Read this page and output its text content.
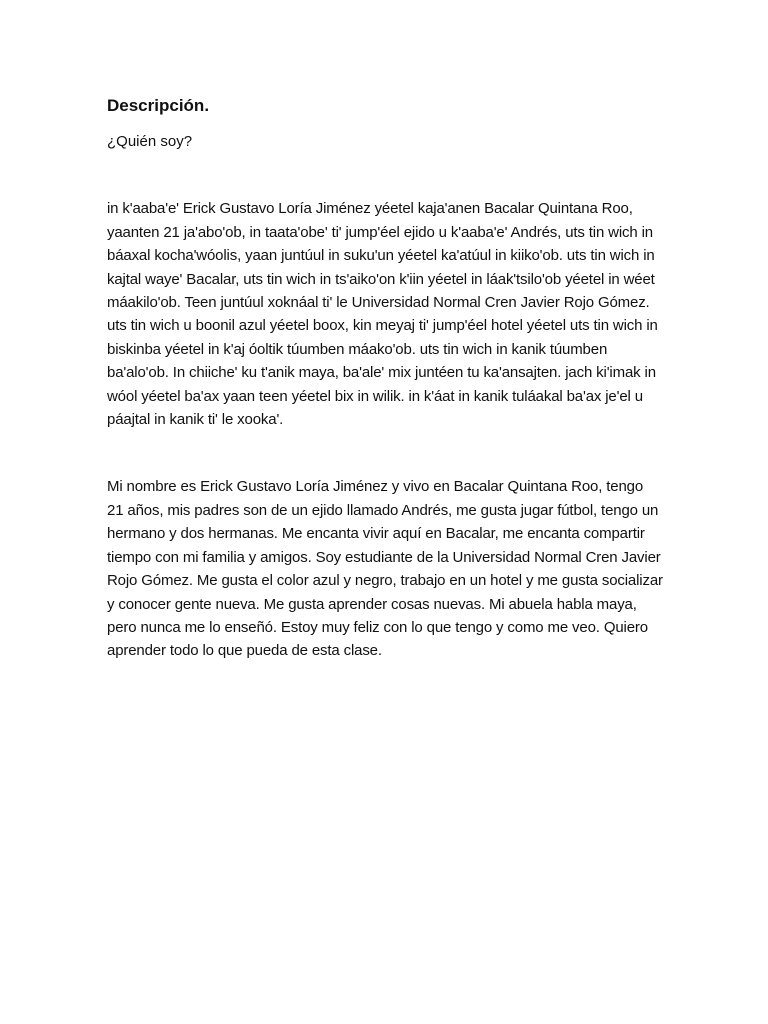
Descripción.

¿Quién soy?

in k'aaba'e' Erick Gustavo Loría Jiménez yéetel kaja'anen Bacalar Quintana Roo, yaanten 21 ja'abo'ob, in taata'obe' ti' jump'éel ejido u k'aaba'e' Andrés, uts tin wich in báaxal kocha'wóolis, yaan juntúul in suku'un yéetel ka'atúul in kiiko'ob. uts tin wich in kajtal waye' Bacalar, uts tin wich in ts'aiko'on k'iin yéetel in láak'tsilo'ob yéetel in wéet máakilo'ob. Teen juntúul xoknáal ti' le Universidad Normal Cren Javier Rojo Gómez. uts tin wich u boonil azul yéetel boox, kin meyaj ti' jump'éel hotel yéetel uts tin wich in biskinba yéetel in k'aj óoltik túumben máako'ob. uts tin wich in kanik túumben ba'alo'ob. In chiiche' ku t'anik maya, ba'ale' mix juntéen tu ka'ansajten. jach ki'imak in wóol yéetel ba'ax yaan teen yéetel bix in wilik. in k'áat in kanik tuláakal ba'ax je'el u páajtal in kanik ti' le xooka'.

Mi nombre es Erick Gustavo Loría Jiménez y vivo en Bacalar Quintana Roo, tengo 21 años, mis padres son de un ejido llamado Andrés, me gusta jugar fútbol, tengo un hermano y dos hermanas. Me encanta vivir aquí en Bacalar, me encanta compartir tiempo con mi familia y amigos. Soy estudiante de la Universidad Normal Cren Javier Rojo Gómez. Me gusta el color azul y negro, trabajo en un hotel y me gusta socializar y conocer gente nueva. Me gusta aprender cosas nuevas. Mi abuela habla maya, pero nunca me lo enseñó. Estoy muy feliz con lo que tengo y como me veo. Quiero aprender todo lo que pueda de esta clase.
